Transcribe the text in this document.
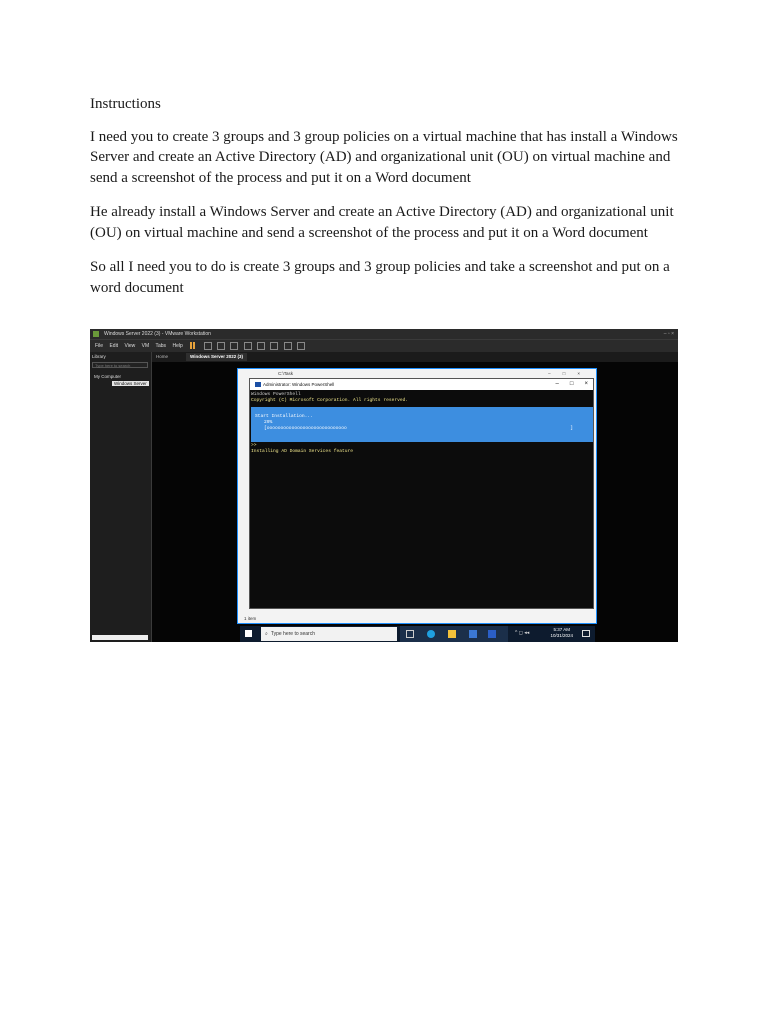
Instructions

I need you to create 3 groups and 3 group policies on a virtual machine that has install a Windows Server and create an Active Directory (AD) and organizational unit (OU) on virtual machine and send a screenshot of the process and put it on a Word document

He already install a Windows Server and create an Active Directory (AD) and organizational unit (OU) on virtual machine and send a screenshot of the process and put it on a Word document

So all I need you to do is create 3 groups and 3 group policies and take a screenshot and put on a word document

Windows Server 2022 (3) - VMware Workstation	– ▫ ×
File Edit View VM Tabs Help
Library
Type here to search
My Computer
Windows Server
Home	Windows Server 2022 (3)
C:\Task	–□×
1 item
Administrator: Windows PowerShell	– □ ×
Windows PowerShell
Copyright (C) Microsoft Corporation. All rights reserved.
Start Installation...
29%
[ooooooooooooooooooooooooooooo	]
>>
Installing AD Domain Services feature
⌕ Type here to search	^ ◻ ◂◂
5:37 AM
10/31/2024
